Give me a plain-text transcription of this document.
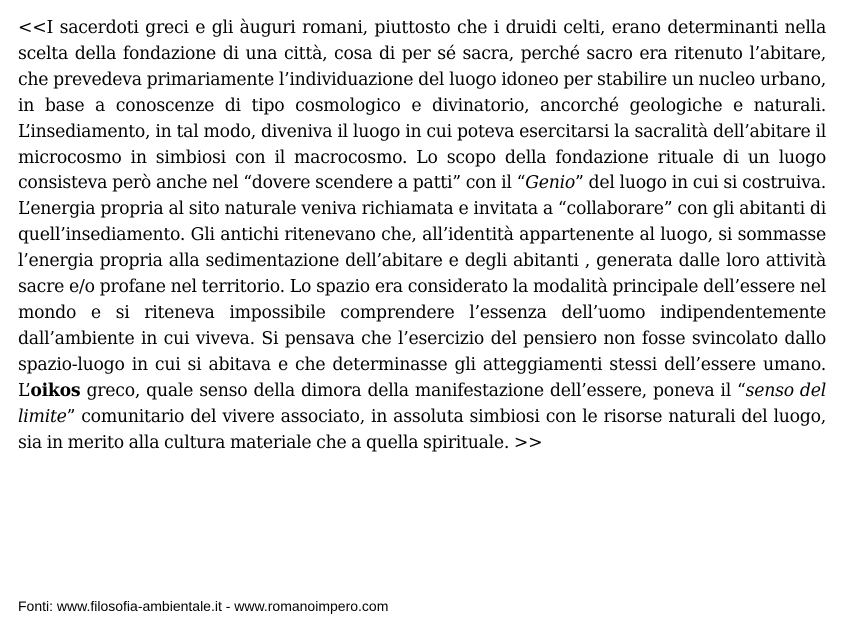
<<I sacerdoti greci e gli àuguri romani, piuttosto che i druidi celti, erano determinanti nella scelta della fondazione di una città, cosa di per sé sacra, perché sacro era ritenuto l’abitare, che prevedeva primariamente l’individuazione del luogo idoneo per stabilire un nucleo urbano, in base a conoscenze di tipo cosmologico e divinatorio, ancorché geologiche e naturali. L’insediamento, in tal modo, diveniva il luogo in cui poteva esercitarsi la sacralità dell’abitare il microcosmo in simbiosi con il macrocosmo. Lo scopo della fondazione rituale di un luogo consisteva però anche nel “dovere scendere a patti” con il “Genio” del luogo in cui si costruiva. L’energia propria al sito naturale veniva richiamata e invitata a “collaborare” con gli abitanti di quell’insediamento. Gli antichi ritenevano che, all’identità appartenente al luogo, si sommasse l’energia propria alla sedimentazione dell’abitare e degli abitanti , generata dalle loro attività sacre e/o profane nel territorio. Lo spazio era considerato la modalità principale dell’essere nel mondo e si riteneva impossibile comprendere l’essenza dell’uomo indipendentemente dall’ambiente in cui viveva. Si pensava che l’esercizio del pensiero non fosse svincolato dallo spazio-luogo in cui si abitava e che determinasse gli atteggiamenti stessi dell’essere umano. L’oikos greco, quale senso della dimora della manifestazione dell’essere, poneva il “senso del limite” comunitario del vivere associato, in assoluta simbiosi con le risorse naturali del luogo, sia in merito alla cultura materiale che a quella spirituale. >>

Fonti: www.filosofia-ambientale.it - www.romanoimpero.com
